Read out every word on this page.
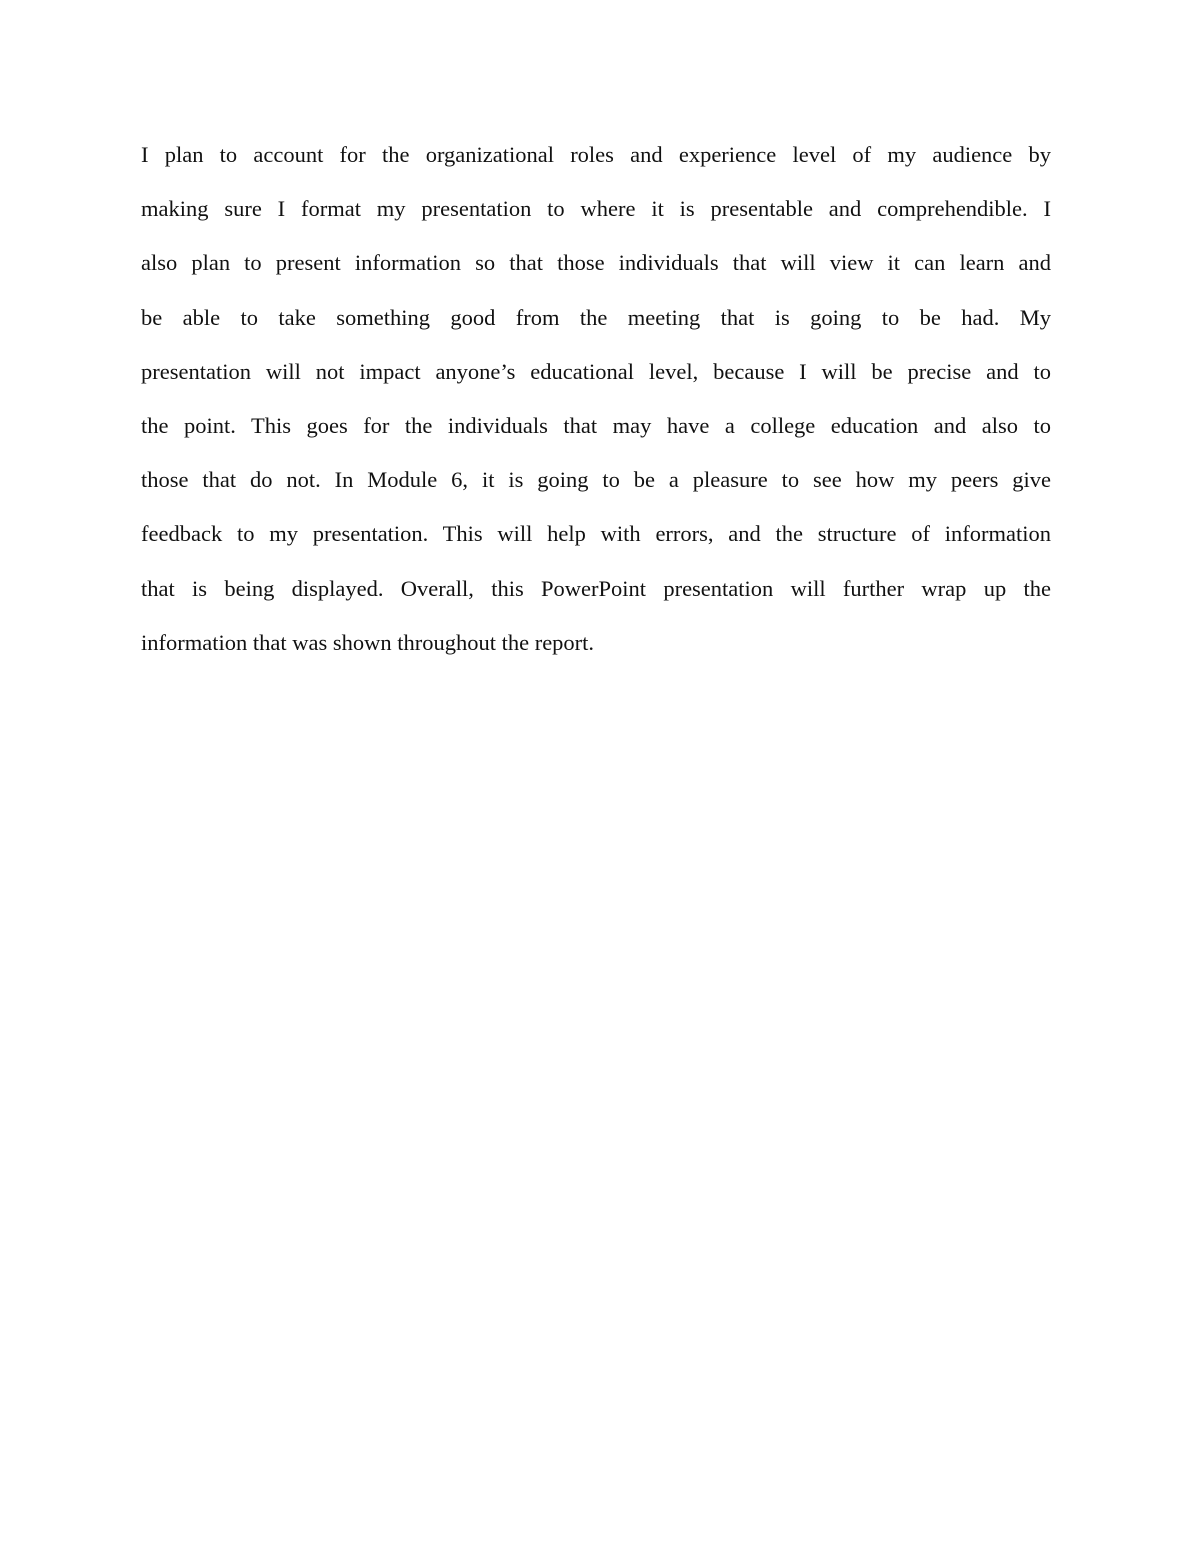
I plan to account for the organizational roles and experience level of my audience by
making sure I format my presentation to where it is presentable and comprehendible. I
also plan to present information so that those individuals that will view it can learn and
be able to take something good from the meeting that is going to be had. My
presentation will not impact anyone’s educational level, because I will be precise and to
the point. This goes for the individuals that may have a college education and also to
those that do not. In Module 6, it is going to be a pleasure to see how my peers give
feedback to my presentation. This will help with errors, and the structure of information
that is being displayed. Overall, this PowerPoint presentation will further wrap up the
information that was shown throughout the report.
